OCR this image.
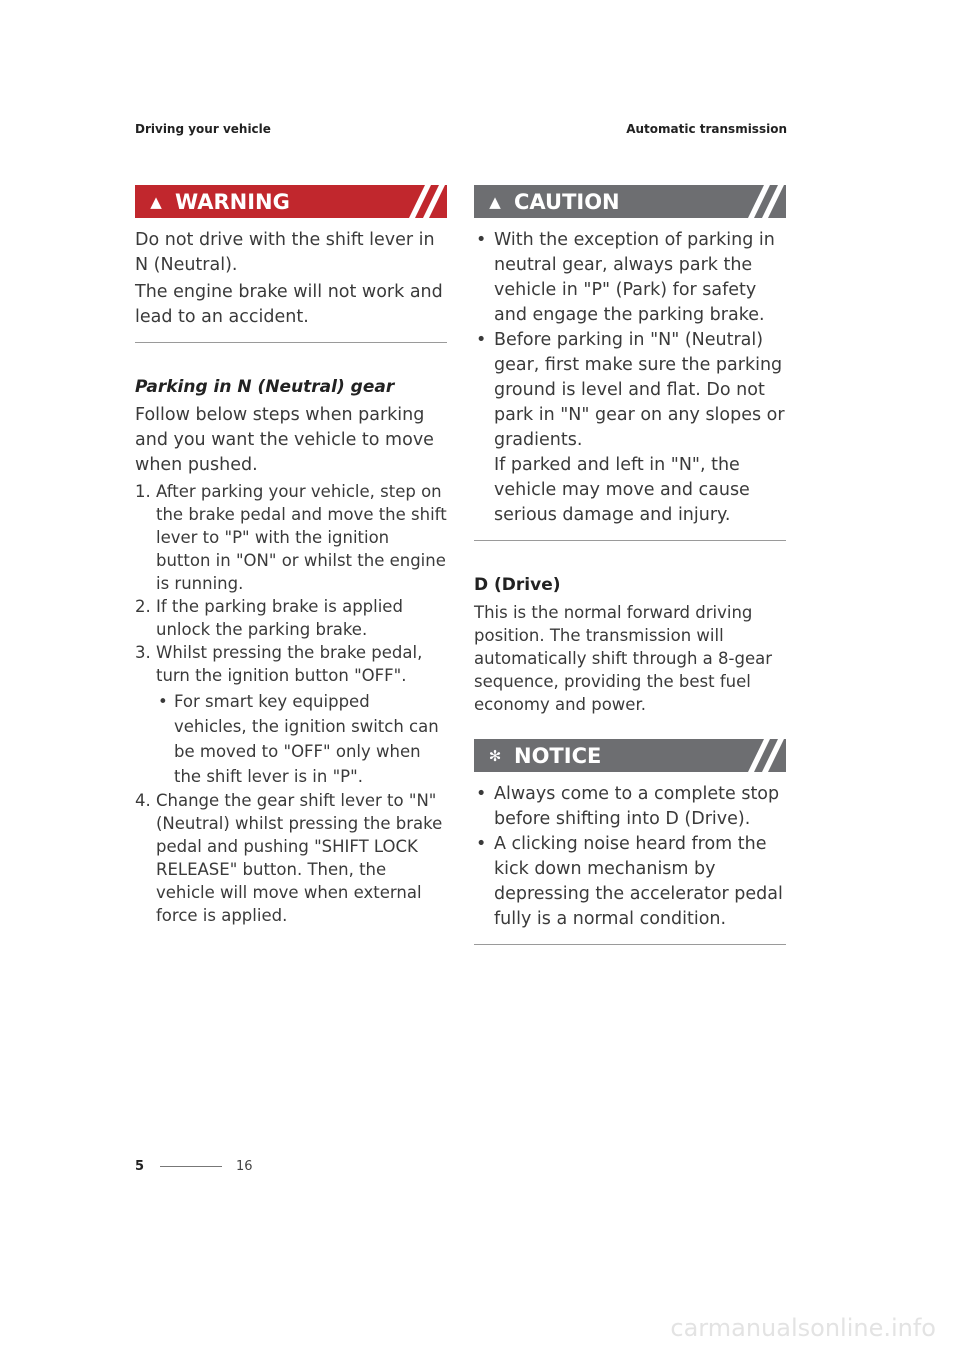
Driving your vehicle	Automatic transmission
▲ WARNING

Do not drive with the shift lever in N (Neutral).

The engine brake will not work and lead to an accident.

Parking in N (Neutral) gear

Follow below steps when parking and you want the vehicle to move when pushed.

1. After parking your vehicle, step on the brake pedal and move the shift lever to "P" with the ignition button in "ON" or whilst the engine is running.
2. If the parking brake is applied unlock the parking brake.
3. Whilst pressing the brake pedal, turn the ignition button "OFF".
• For smart key equipped vehicles, the ignition switch can be moved to "OFF" only when the shift lever is in "P".
4. Change the gear shift lever to "N" (Neutral) whilst pressing the brake pedal and pushing "SHIFT LOCK RELEASE" button. Then, the vehicle will move when external force is applied.
▲ CAUTION
• With the exception of parking in neutral gear, always park the vehicle in "P" (Park) for safety and engage the parking brake.
• Before parking in "N" (Neutral) gear, first make sure the parking ground is level and flat. Do not park in "N" gear on any slopes or gradients.
If parked and left in "N", the vehicle may move and cause serious damage and injury.
D (Drive)

This is the normal forward driving position. The transmission will automatically shift through a 8-gear sequence, providing the best fuel economy and power.

✻ NOTICE
• Always come to a complete stop before shifting into D (Drive).
• A clicking noise heard from the kick down mechanism by depressing the accelerator pedal fully is a normal condition.
5	16
carmanualsonline.info
